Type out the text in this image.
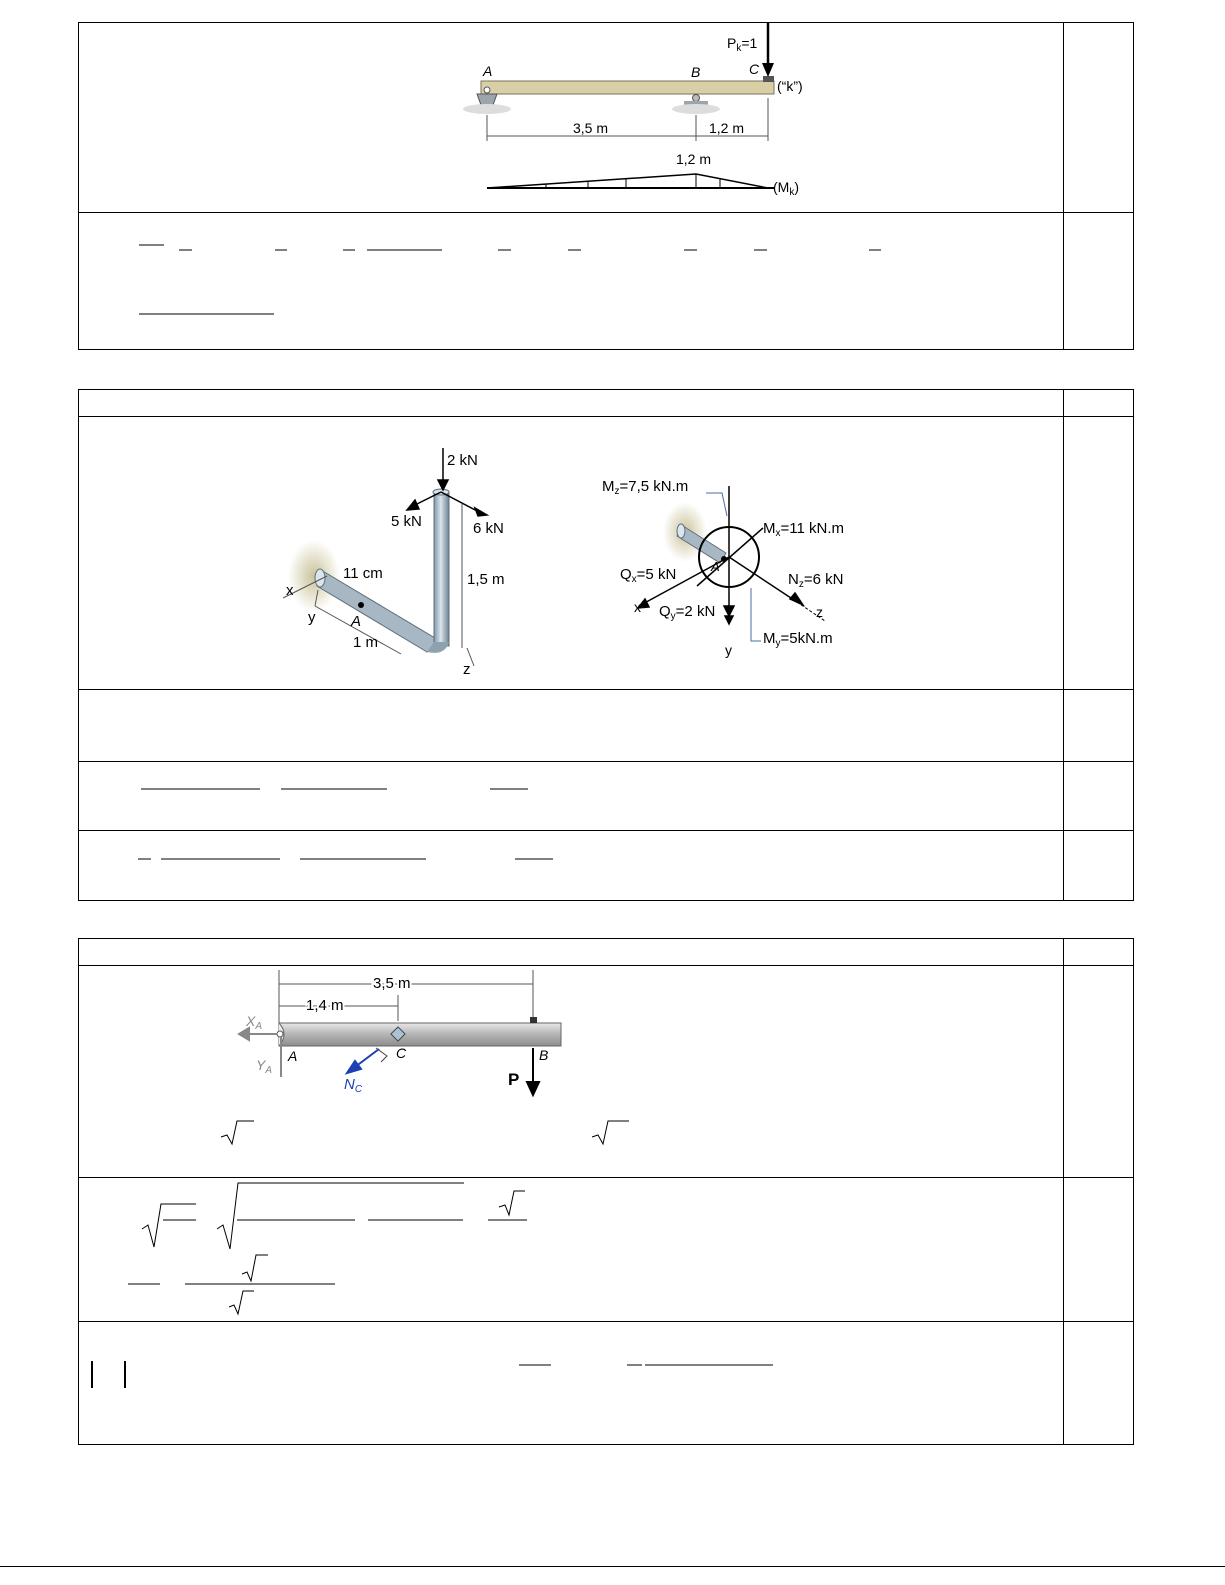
$P_k=1$
A	B	C
(“k”)
3,5 m	1,2 m
1,2 m
$(M_k)$
2 kN
5 kN	6 kN
1,5 m
11 cm
1 m
x
y
z
A
$M_z=7,5$ kN.m
$M_x=11$ kN.m
$Q_x=5$ kN	$N_z=6$ kN
$Q_y=2$ kN
$M_y=5kN.m$
A
x
y
z
3,5 m
1,4 m
$X_A$
$Y_A$
A	C	B
$N_C$
P
